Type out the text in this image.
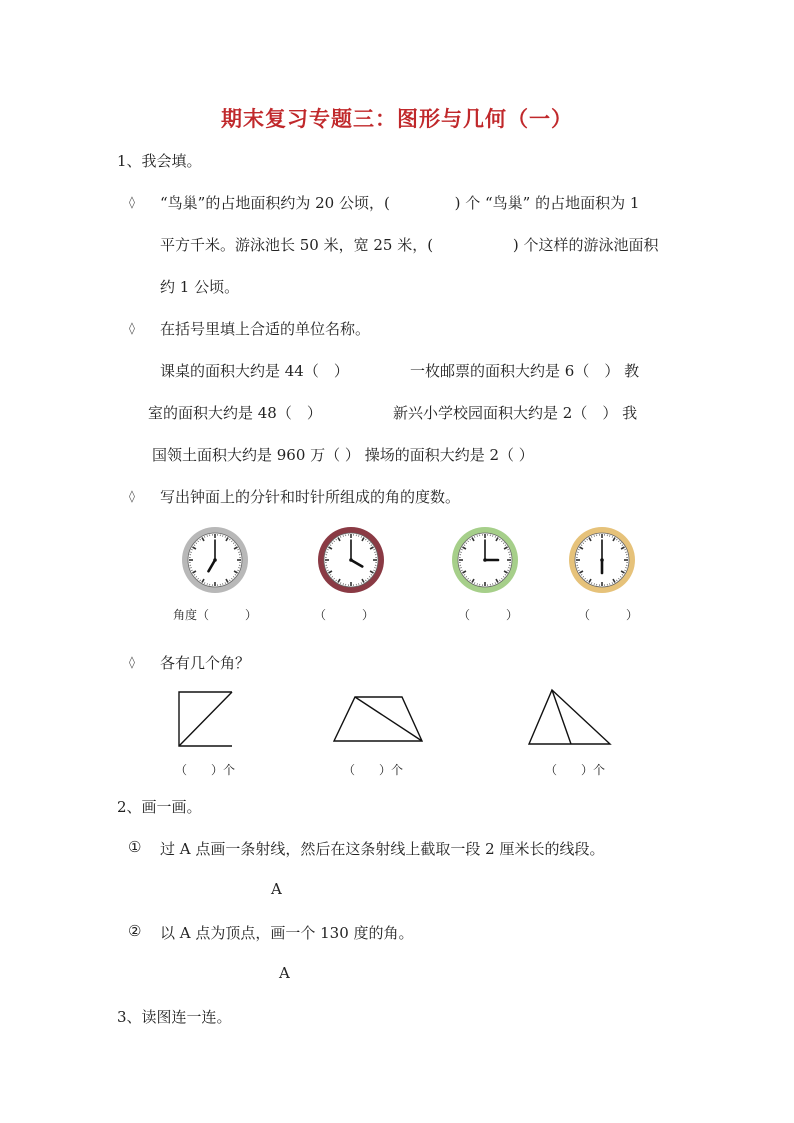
期末复习专题三：图形与几何（一）
1、我会填。
◊ “鸟巢”的占地面积约为 20 公顷，(　　　　 ) 个 “鸟巢” 的占地面积为 1
平方千米。游泳池长 50 米，宽 25 米，(　　　　　 ) 个这样的游泳池面积
约 1 公顷。
◊ 在括号里填上合适的单位名称。
课桌的面积大约是 44（　）	一枚邮票的面积大约是 6（　） 教
室的面积大约是 48（　）	新兴小学校园面积大约是 2（　） 我
国领土面积大约是 960 万（ ） 操场的面积大约是 2（ ）
◊ 写出钟面上的分针和时针所组成的角的度数。
角度（　　　）	（　　　）	（　　　）	（　　　）
◊ 各有几个角？
（　　）个	（　　）个	（　　）个
2、画一画。
① 过 A 点画一条射线，然后在这条射线上截取一段 2 厘米长的线段。
A
② 以 A 点为顶点，画一个 130 度的角。
A
3、读图连一连。
